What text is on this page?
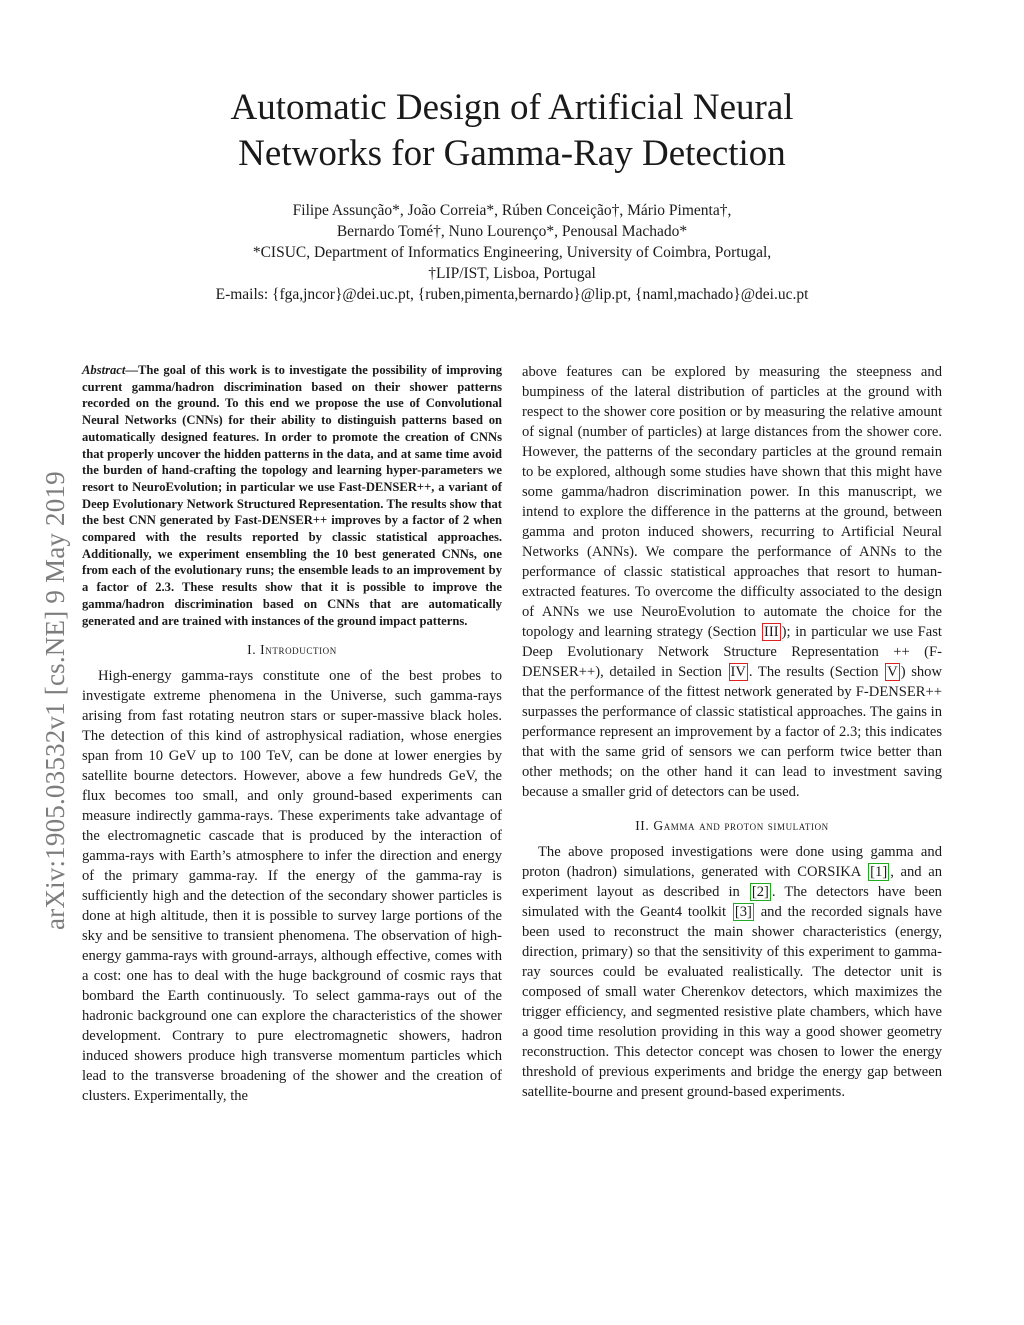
arXiv:1905.03532v1 [cs.NE] 9 May 2019
Automatic Design of Artificial Neural
Networks for Gamma-Ray Detection
Filipe Assunção*, João Correia*, Rúben Conceição†, Mário Pimenta†,
Bernardo Tomé†, Nuno Lourenço*, Penousal Machado*
*CISUC, Department of Informatics Engineering, University of Coimbra, Portugal,
†LIP/IST, Lisboa, Portugal
E-mails: {fga,jncor}@dei.uc.pt, {ruben,pimenta,bernardo}@lip.pt, {naml,machado}@dei.uc.pt

Abstract—The goal of this work is to investigate the possibility of improving current gamma/hadron discrimination based on their shower patterns recorded on the ground. To this end we propose the use of Convolutional Neural Networks (CNNs) for their ability to distinguish patterns based on automatically designed features. In order to promote the creation of CNNs that properly uncover the hidden patterns in the data, and at same time avoid the burden of hand-crafting the topology and learning hyper-parameters we resort to NeuroEvolution; in particular we use Fast-DENSER++, a variant of Deep Evolutionary Network Structured Representation. The results show that the best CNN generated by Fast-DENSER++ improves by a factor of 2 when compared with the results reported by classic statistical approaches. Additionally, we experiment ensembling the 10 best generated CNNs, one from each of the evolutionary runs; the ensemble leads to an improvement by a factor of 2.3. These results show that it is possible to improve the gamma/hadron discrimination based on CNNs that are automatically generated and are trained with instances of the ground impact patterns.

I. Introduction

High-energy gamma-rays constitute one of the best probes to investigate extreme phenomena in the Universe, such gamma-rays arising from fast rotating neutron stars or super-massive black holes. The detection of this kind of astrophysical radiation, whose energies span from 10 GeV up to 100 TeV, can be done at lower energies by satellite bourne detectors. However, above a few hundreds GeV, the flux becomes too small, and only ground-based experiments can measure indirectly gamma-rays. These experiments take advantage of the electromagnetic cascade that is produced by the interaction of gamma-rays with Earth’s atmosphere to infer the direction and energy of the primary gamma-ray. If the energy of the gamma-ray is sufficiently high and the detection of the secondary shower particles is done at high altitude, then it is possible to survey large portions of the sky and be sensitive to transient phenomena. The observation of high-energy gamma-rays with ground-arrays, although effective, comes with a cost: one has to deal with the huge background of cosmic rays that bombard the Earth continuously. To select gamma-rays out of the hadronic background one can explore the characteristics of the shower development. Contrary to pure electromagnetic showers, hadron induced showers produce high transverse momentum particles which lead to the transverse broadening of the shower and the creation of clusters. Experimentally, the

above features can be explored by measuring the steepness and bumpiness of the lateral distribution of particles at the ground with respect to the shower core position or by measuring the relative amount of signal (number of particles) at large distances from the shower core. However, the patterns of the secondary particles at the ground remain to be explored, although some studies have shown that this might have some gamma/hadron discrimination power. In this manuscript, we intend to explore the difference in the patterns at the ground, between gamma and proton induced showers, recurring to Artificial Neural Networks (ANNs). We compare the performance of ANNs to the performance of classic statistical approaches that resort to human-extracted features. To overcome the difficulty associated to the design of ANNs we use NeuroEvolution to automate the choice for the topology and learning strategy (Section III ); in particular we use Fast Deep Evolutionary Network Structure Representation ++ (F-DENSER++), detailed in Section IV . The results (Section V ) show that the performance of the fittest network generated by F-DENSER++ surpasses the performance of classic statistical approaches. The gains in performance represent an improvement by a factor of 2.3; this indicates that with the same grid of sensors we can perform twice better than other methods; on the other hand it can lead to investment saving because a smaller grid of detectors can be used.

II. Gamma and proton simulation

The above proposed investigations were done using gamma and proton (hadron) simulations, generated with CORSIKA [1] , and an experiment layout as described in [2] . The detectors have been simulated with the Geant4 toolkit [3] and the recorded signals have been used to reconstruct the main shower characteristics (energy, direction, primary) so that the sensitivity of this experiment to gamma-ray sources could be evaluated realistically. The detector unit is composed of small water Cherenkov detectors, which maximizes the trigger efficiency, and segmented resistive plate chambers, which have a good time resolution providing in this way a good shower geometry reconstruction. This detector concept was chosen to lower the energy threshold of previous experiments and bridge the energy gap between satellite-bourne and present ground-based experiments.
